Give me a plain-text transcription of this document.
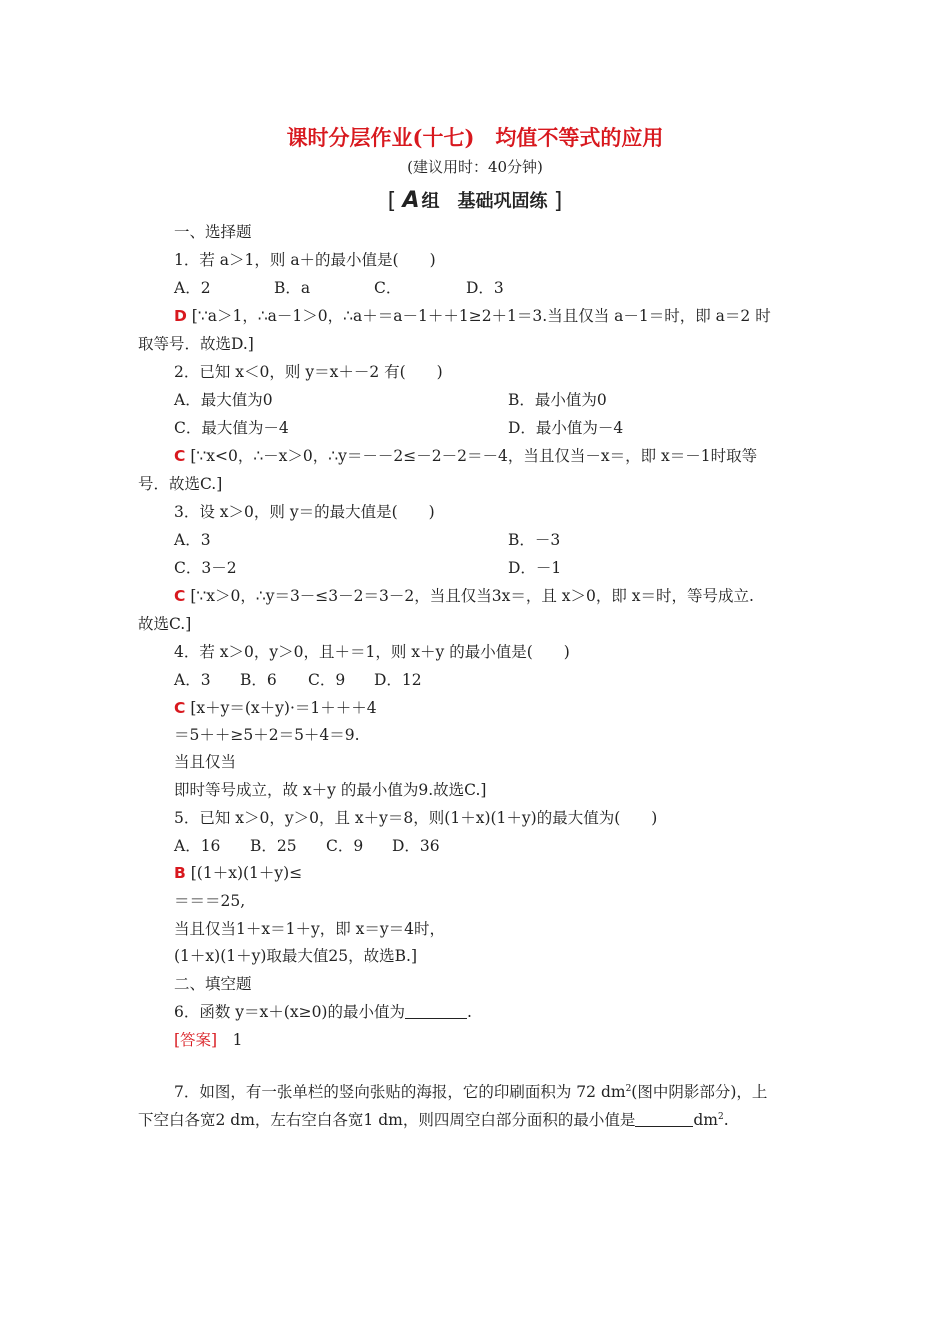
课时分层作业(十七)　均值不等式的应用
(建议用时：40分钟)
[ A 组　基础巩固练 ]
一、选择题
1．若 a＞1，则 a＋的最小值是(　　)
A．2	B．a	C．	D．3
D [∵a＞1，∴a－1＞0，∴a＋＝a－1＋＋1≥2＋1＝3.当且仅当 a－1＝时，即 a＝2 时
取等号．故选D.]
2．已知 x＜0，则 y＝x＋－2 有(　　)
A．最大值为0	B．最小值为0
C．最大值为－4	D．最小值为－4
C [∵x<0，∴－x＞0，∴y＝－－2≤－2－2＝－4，当且仅当－x＝，即 x＝－1时取等
号．故选C.]
3．设 x＞0，则 y＝的最大值是(　　)
A．3	B．－3
C．3－2	D．－1
C [∵x＞0，∴y＝3－≤3－2＝3－2，当且仅当3x＝，且 x＞0，即 x＝时，等号成立.
故选C.]
4．若 x＞0，y＞0，且＋＝1，则 x＋y 的最小值是(　　)
A．3 B．6 C．9 D．12
C [x＋y＝(x＋y)·＝1＋＋＋4
＝5＋＋≥5＋2＝5＋4＝9.
当且仅当
即时等号成立，故 x＋y 的最小值为9.故选C.]
5．已知 x＞0，y＞0，且 x＋y＝8，则(1＋x)(1＋y)的最大值为(　　)
A．16 B．25 C．9 D．36
B [(1＋x)(1＋y)≤
＝＝＝25,
当且仅当1＋x＝1＋y，即 x＝y＝4时，
(1＋x)(1＋y)取最大值25，故选B.]
二、填空题
6．函数 y＝x＋(x≥0)的最小值为	.
[答案]　1
7．如图，有一张单栏的竖向张贴的海报，它的印刷面积为 72 $dm^2$(图中阴影部分)，上
下空白各宽2 dm，左右空白各宽1 dm，则四周空白部分面积的最小值是	$dm^2$.
